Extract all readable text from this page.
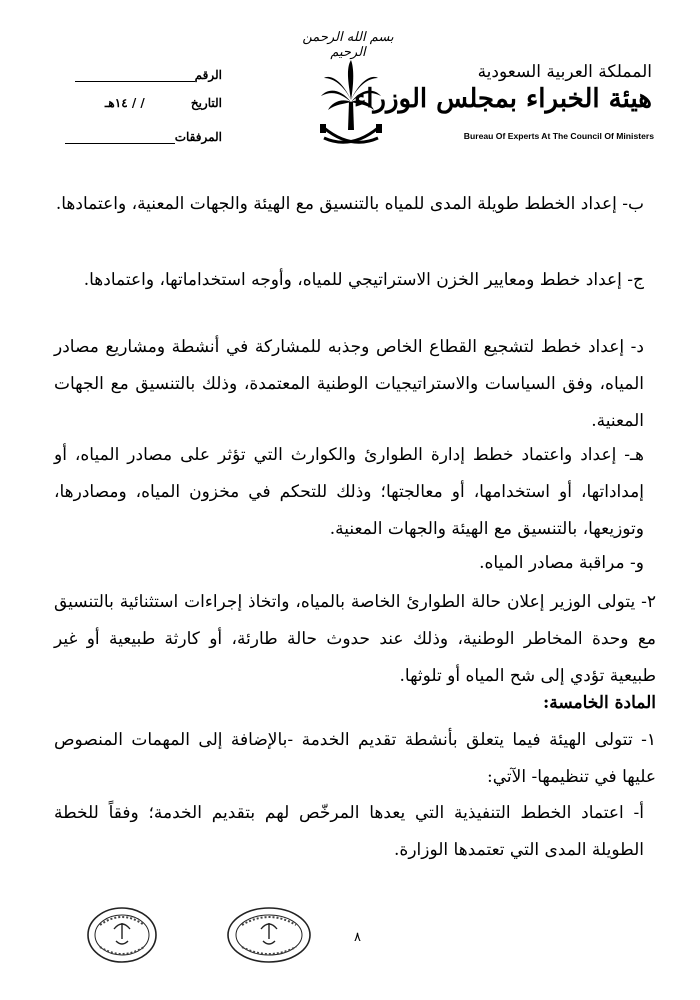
بسم الله الرحمن الرحيم
المملكة العربية السعودية
هيئة الخبراء بمجلس الوزراء
Bureau Of Experts At The Council Of Ministers
الرقم
التاريخ
/ / ١٤هـ
المرفقات
ب- إعداد الخطط طويلة المدى للمياه بالتنسيق مع الهيئة والجهات المعنية، واعتمادها.
ج- إعداد خطط ومعايير الخزن الاستراتيجي للمياه، وأوجه استخداماتها، واعتمادها.
د- إعداد خطط لتشجيع القطاع الخاص وجذبه للمشاركة في أنشطة ومشاريع مصادر المياه، وفق السياسات والاستراتيجيات الوطنية المعتمدة، وذلك بالتنسيق مع الجهات المعنية.
هـ- إعداد واعتماد خطط إدارة الطوارئ والكوارث التي تؤثر على مصادر المياه، أو إمداداتها، أو استخدامها، أو معالجتها؛ وذلك للتحكم في مخزون المياه، ومصادرها، وتوزيعها، بالتنسيق مع الهيئة والجهات المعنية.
و- مراقبة مصادر المياه.
٢- يتولى الوزير إعلان حالة الطوارئ الخاصة بالمياه، واتخاذ إجراءات استثنائية بالتنسيق مع وحدة المخاطر الوطنية، وذلك عند حدوث حالة طارئة، أو كارثة طبيعية أو غير طبيعية تؤدي إلى شح المياه أو تلوثها.
المادة الخامسة:
١- تتولى الهيئة فيما يتعلق بأنشطة تقديم الخدمة -بالإضافة إلى المهمات المنصوص عليها في تنظيمها- الآتي:
أ- اعتماد الخطط التنفيذية التي يعدها المرخّص لهم بتقديم الخدمة؛ وفقاً للخطة الطويلة المدى التي تعتمدها الوزارة.
٨
